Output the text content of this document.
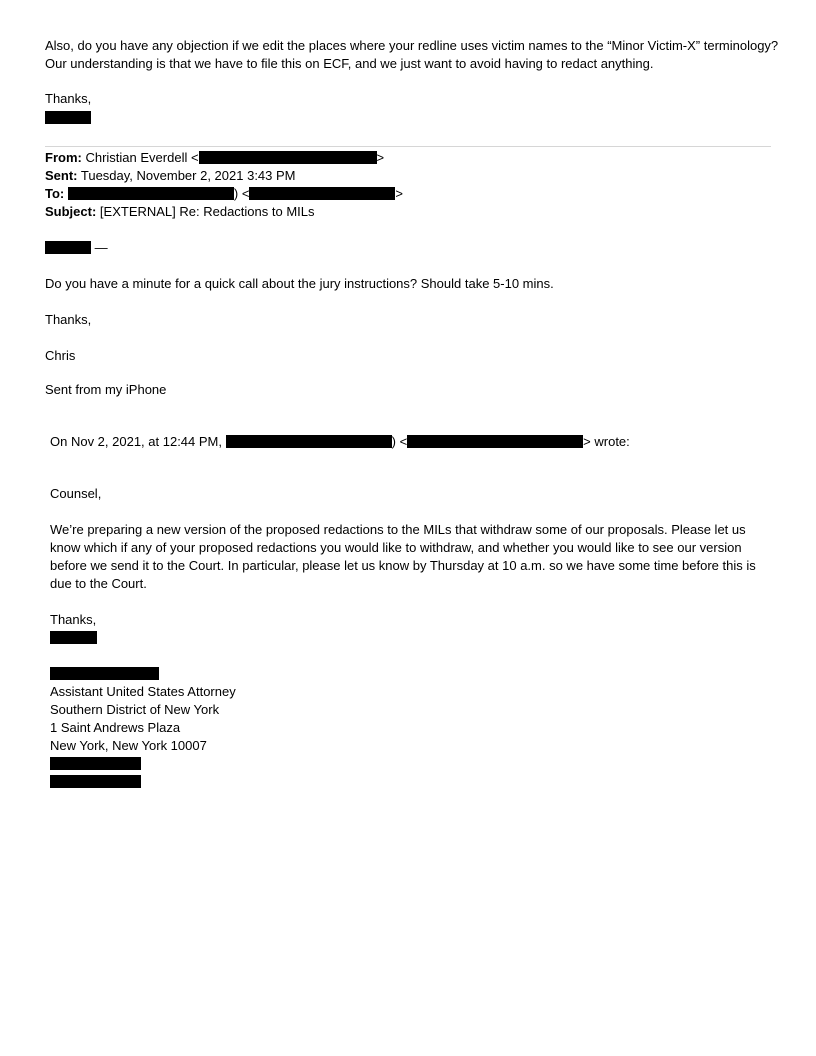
Also, do you have any objection if we edit the places where your redline uses victim names to the “Minor Victim-X” terminology? Our understanding is that we have to file this on ECF, and we just want to avoid having to redact anything.

Thanks,

From: Christian Everdell <	>
Sent: Tuesday, November 2, 2021 3:43 PM
To:	) <	>
Subject: [EXTERNAL] Re: Redactions to MILs
—

Do you have a minute for a quick call about the jury instructions? Should take 5-10 mins.

Thanks,

Chris

Sent from my iPhone

On Nov 2, 2021, at 12:44 PM,	) <	> wrote:

Counsel,

We’re preparing a new version of the proposed redactions to the MILs that withdraw some of our proposals. Please let us know which if any of your proposed redactions you would like to withdraw, and whether you would like to see our version before we send it to the Court. In particular, please let us know by Thursday at 10 a.m. so we have some time before this is due to the Court.

Thanks,

Assistant United States Attorney

Southern District of New York

1 Saint Andrews Plaza

New York, New York 10007
